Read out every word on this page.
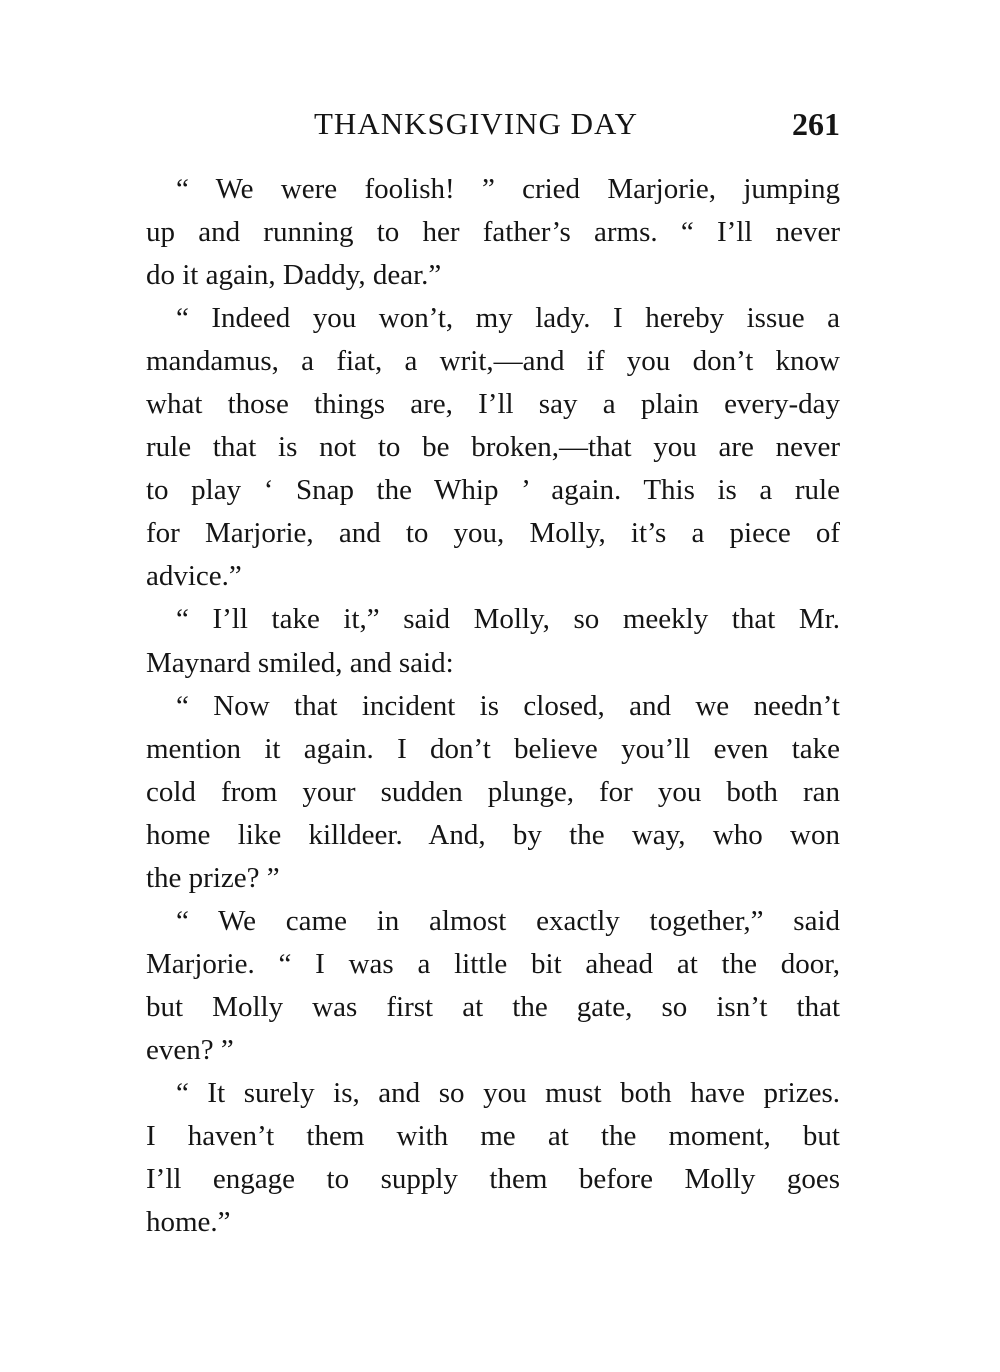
THANKSGIVING DAY	261
“ We were foolish! ” cried Marjorie, jumping
up and running to her father’s arms. “ I’ll never
do it again, Daddy, dear.”
“ Indeed you won’t, my lady. I hereby issue a
mandamus, a fiat, a writ,—and if you don’t know
what those things are, I’ll say a plain every-day
rule that is not to be broken,—that you are never
to play ‘ Snap the Whip ’ again. This is a rule
for Marjorie, and to you, Molly, it’s a piece of
advice.”
“ I’ll take it,” said Molly, so meekly that Mr.
Maynard smiled, and said:
“ Now that incident is closed, and we needn’t
mention it again. I don’t believe you’ll even take
cold from your sudden plunge, for you both ran
home like killdeer. And, by the way, who won
the prize? ”
“ We came in almost exactly together,” said
Marjorie. “ I was a little bit ahead at the door,
but Molly was first at the gate, so isn’t that
even? ”
“ It surely is, and so you must both have prizes.
I haven’t them with me at the moment, but
I’ll engage to supply them before Molly goes
home.”
